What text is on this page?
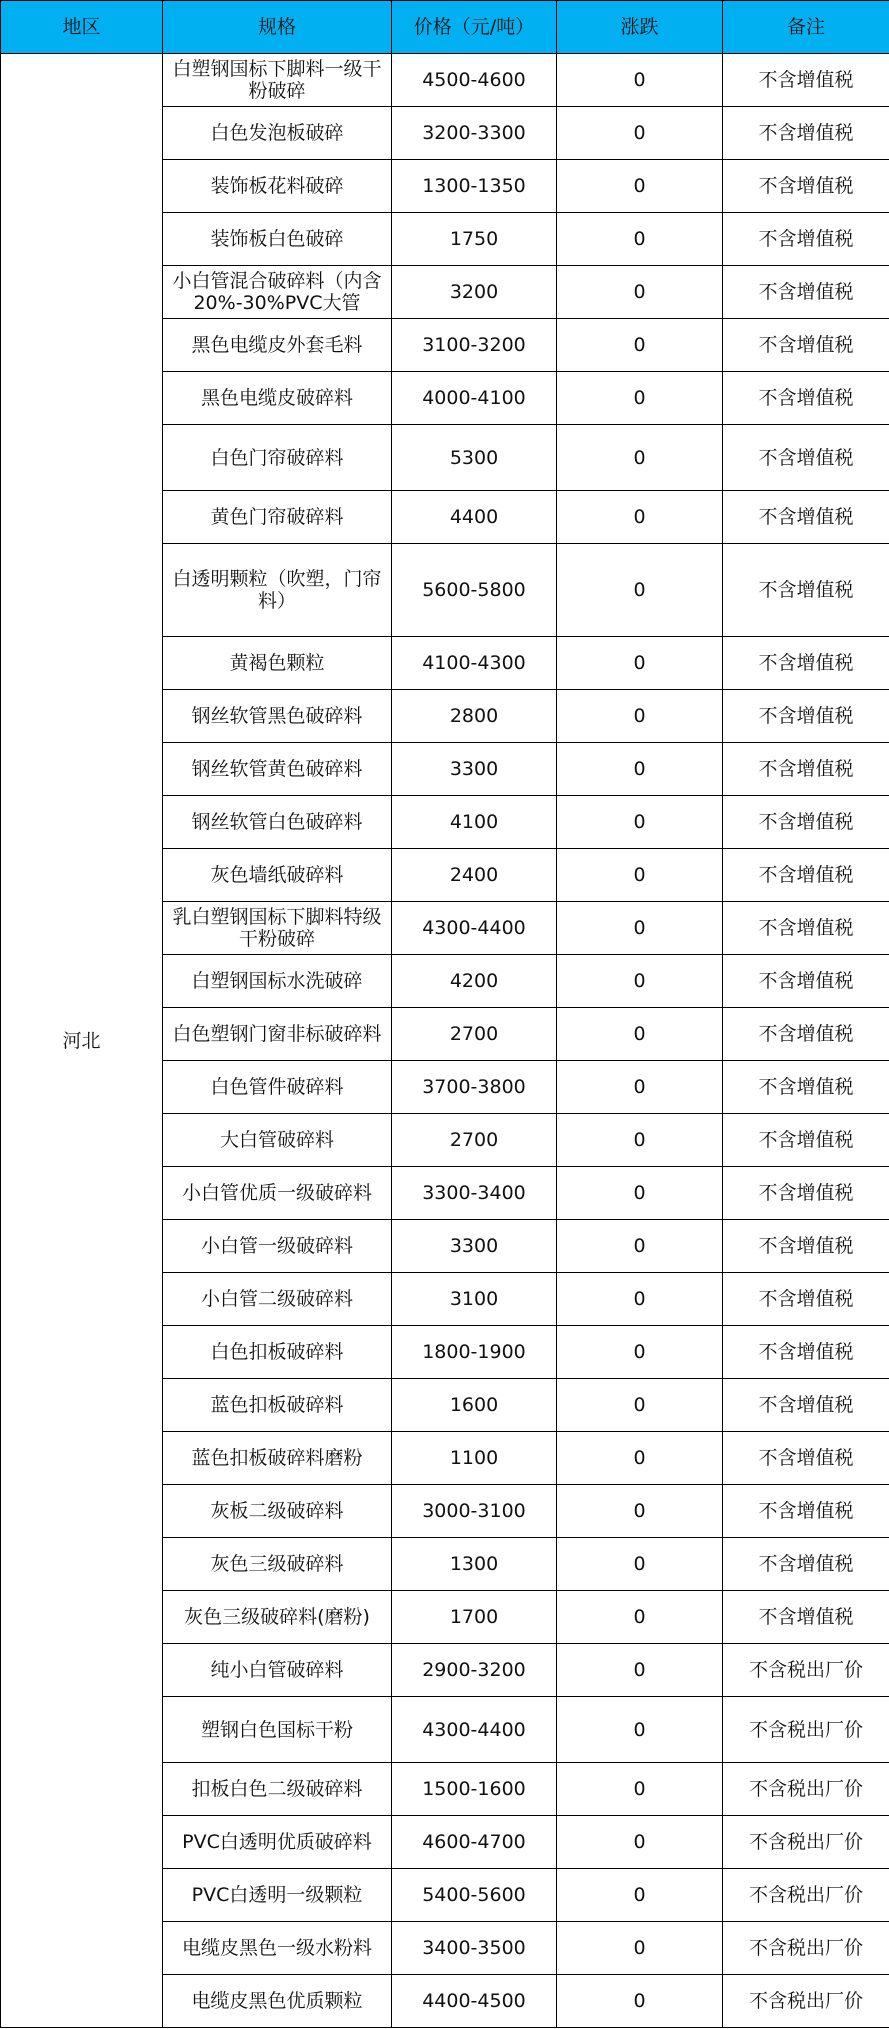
地区	规格	价格（元/吨）	涨跌	备注
河北	白塑钢国标下脚料一级干粉破碎	4500-4600	0	不含增值税
	白色发泡板破碎	3200-3300	0	不含增值税
	装饰板花料破碎	1300-1350	0	不含增值税
	装饰板白色破碎	1750	0	不含增值税
	小白管混合破碎料（内含20%-30%PVC大管	3200	0	不含增值税
	黑色电缆皮外套毛料	3100-3200	0	不含增值税
	黑色电缆皮破碎料	4000-4100	0	不含增值税
	白色门帘破碎料	5300	0	不含增值税
	黄色门帘破碎料	4400	0	不含增值税
	白透明颗粒（吹塑，门帘料）	5600-5800	0	不含增值税
	黄褐色颗粒	4100-4300	0	不含增值税
	钢丝软管黑色破碎料	2800	0	不含增值税
	钢丝软管黄色破碎料	3300	0	不含增值税
	钢丝软管白色破碎料	4100	0	不含增值税
	灰色墙纸破碎料	2400	0	不含增值税
	乳白塑钢国标下脚料特级干粉破碎	4300-4400	0	不含增值税
	白塑钢国标水洗破碎	4200	0	不含增值税
	白色塑钢门窗非标破碎料	2700	0	不含增值税
	白色管件破碎料	3700-3800	0	不含增值税
	大白管破碎料	2700	0	不含增值税
	小白管优质一级破碎料	3300-3400	0	不含增值税
	小白管一级破碎料	3300	0	不含增值税
	小白管二级破碎料	3100	0	不含增值税
	白色扣板破碎料	1800-1900	0	不含增值税
	蓝色扣板破碎料	1600	0	不含增值税
	蓝色扣板破碎料磨粉	1100	0	不含增值税
	灰板二级破碎料	3000-3100	0	不含增值税
	灰色三级破碎料	1300	0	不含增值税
	灰色三级破碎料(磨粉)	1700	0	不含增值税
	纯小白管破碎料	2900-3200	0	不含税出厂价
	塑钢白色国标干粉	4300-4400	0	不含税出厂价
	扣板白色二级破碎料	1500-1600	0	不含税出厂价
	PVC白透明优质破碎料	4600-4700	0	不含税出厂价
	PVC白透明一级颗粒	5400-5600	0	不含税出厂价
	电缆皮黑色一级水粉料	3400-3500	0	不含税出厂价
	电缆皮黑色优质颗粒	4400-4500	0	不含税出厂价
